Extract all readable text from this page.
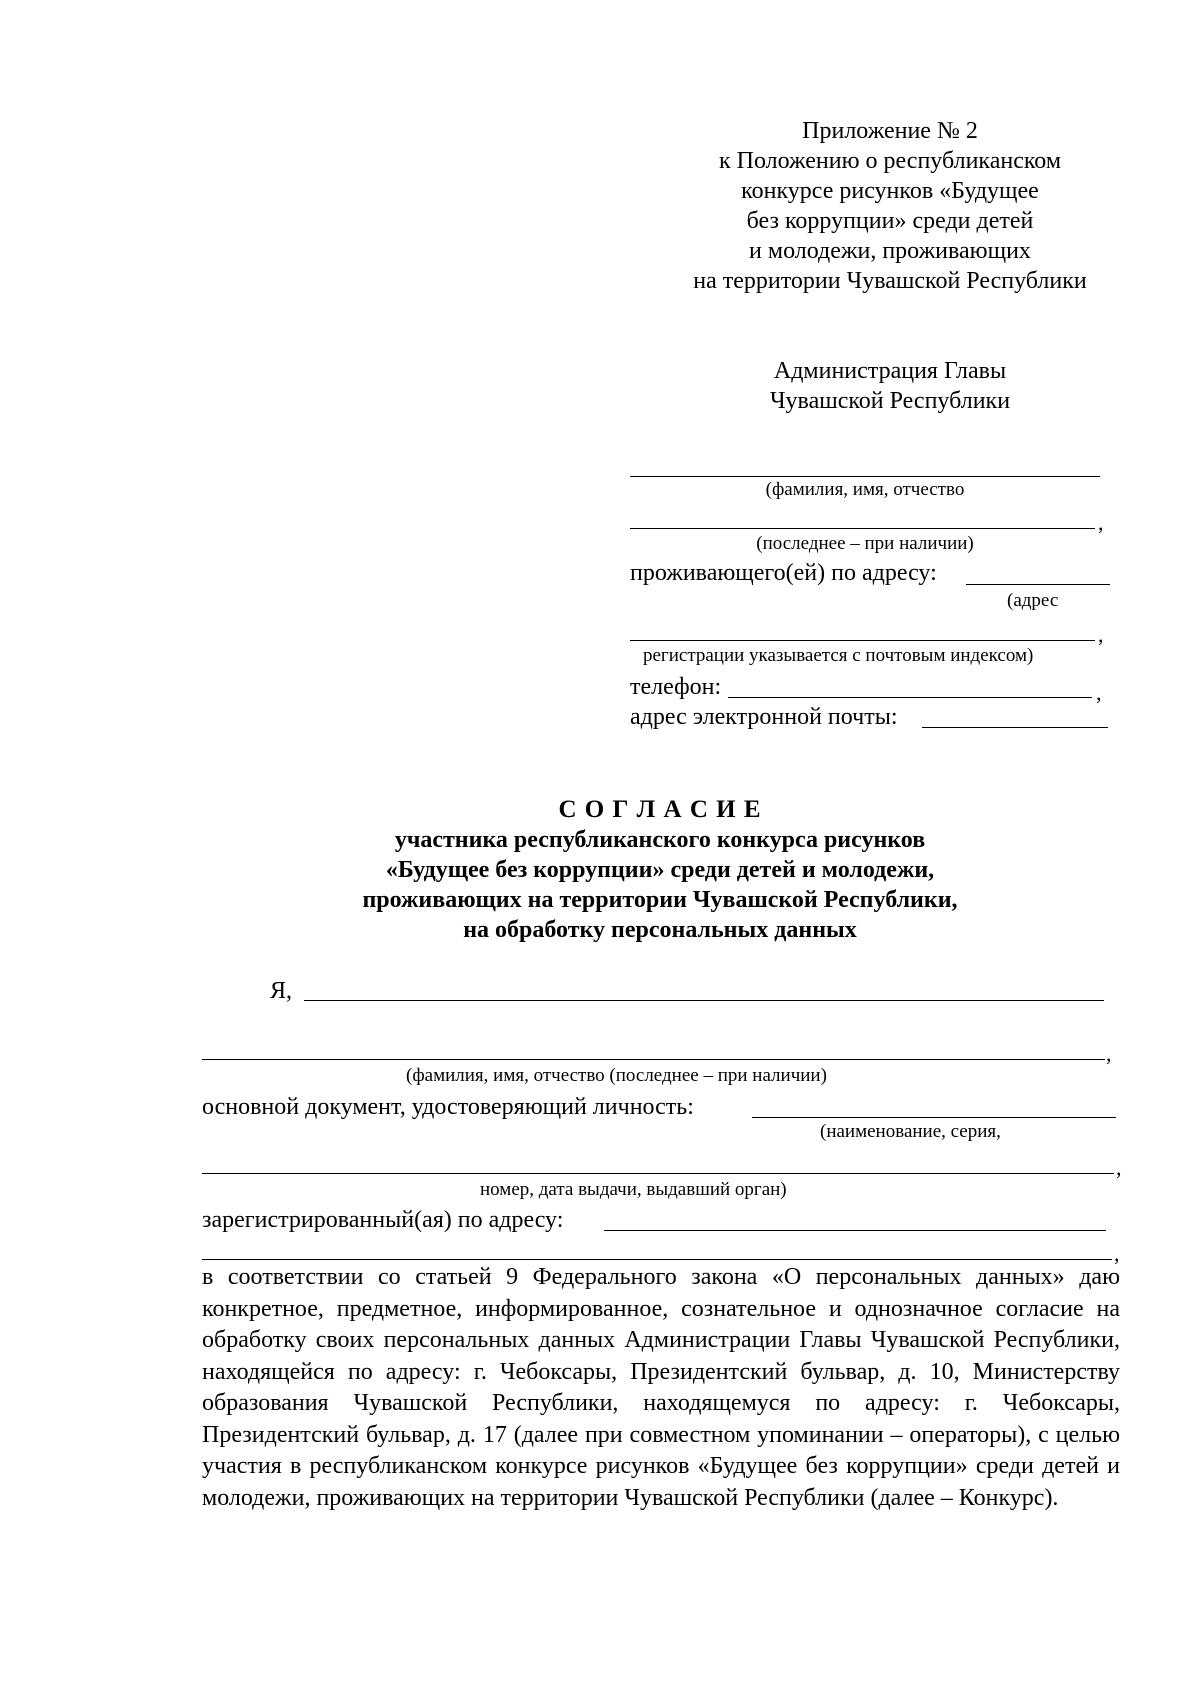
Приложение № 2
к Положению о республиканском
конкурсе рисунков «Будущее
без коррупции» среди детей
и молодежи, проживающих
на территории Чувашской Республики
Администрация Главы
Чувашской Республики
(фамилия, имя, отчество
,
(последнее – при наличии)
проживающего(ей) по адресу:
(адрес
,
регистрации указывается с почтовым индексом)
телефон:	,
адрес электронной почты:
С О Г Л А С И Е
участника республиканского конкурса рисунков
«Будущее без коррупции» среди детей и молодежи,
проживающих на территории Чувашской Республики,
на обработку персональных данных
Я,
,
(фамилия, имя, отчество (последнее – при наличии)
основной документ, удостоверяющий личность:
(наименование, серия,
,
номер, дата выдачи, выдавший орган)
зарегистрированный(ая) по адресу:
,
в соответствии со статьей 9 Федерального закона «О персональных данных» даю конкретное, предметное, информированное, сознательное и однозначное согласие на обработку своих персональных данных Администрации Главы Чувашской Республики, находящейся по адресу: г. Чебоксары, Президентский бульвар, д. 10, Министерству образования Чувашской Республики, находящемуся по адресу: г. Чебоксары, Президентский бульвар, д. 17 (далее при совместном упоминании – операторы), с целью участия в республиканском конкурсе рисунков «Будущее без коррупции» среди детей и молодежи, проживающих на территории Чувашской Республики (далее – Конкурс).
